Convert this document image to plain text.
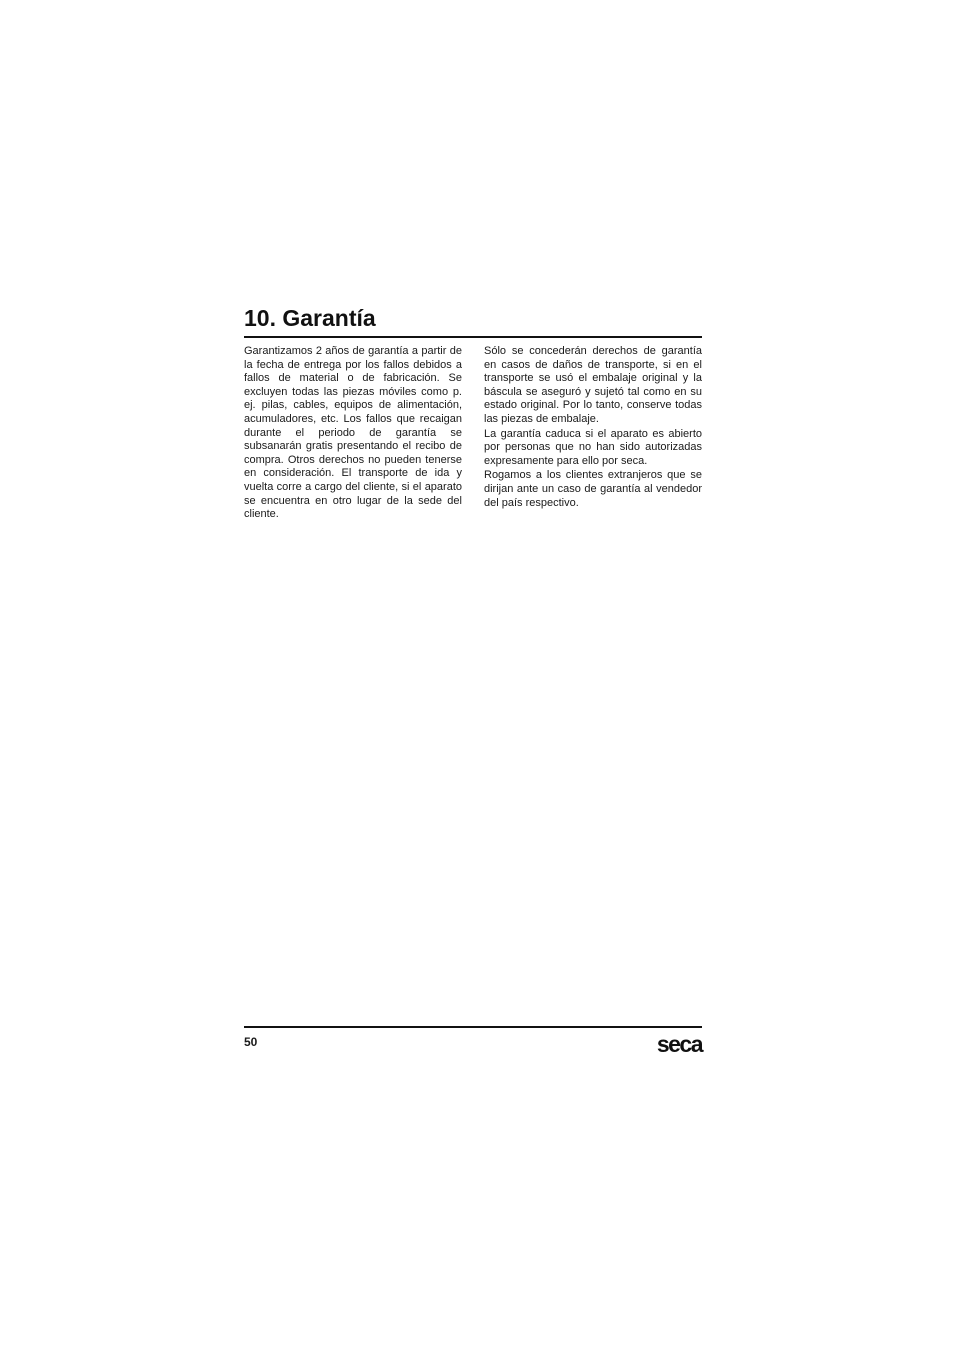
10. Garantía

Garantizamos 2 años de garantía a partir de la fecha de entrega por los fallos debidos a fallos de material o de fabricación. Se excluyen todas las piezas móviles como p. ej. pilas, cables, equipos de alimentación, acumuladores, etc. Los fallos que recaigan durante el periodo de garantía se subsanarán gratis presentando el recibo de compra. Otros derechos no pueden tenerse en consideración. El transporte de ida y vuelta corre a cargo del cliente, si el aparato se encuentra en otro lugar de la sede del cliente.

Sólo se concederán derechos de garantía en casos de daños de transporte, si en el transporte se usó el embalaje original y la báscula se aseguró y sujetó tal como en su estado original. Por lo tanto, conserve todas las piezas de embalaje.

La garantía caduca si el aparato es abierto por personas que no han sido autorizadas expresamente para ello por seca.

Rogamos a los clientes extranjeros que se dirijan ante un caso de garantía al vendedor del país respectivo.

50	seca
